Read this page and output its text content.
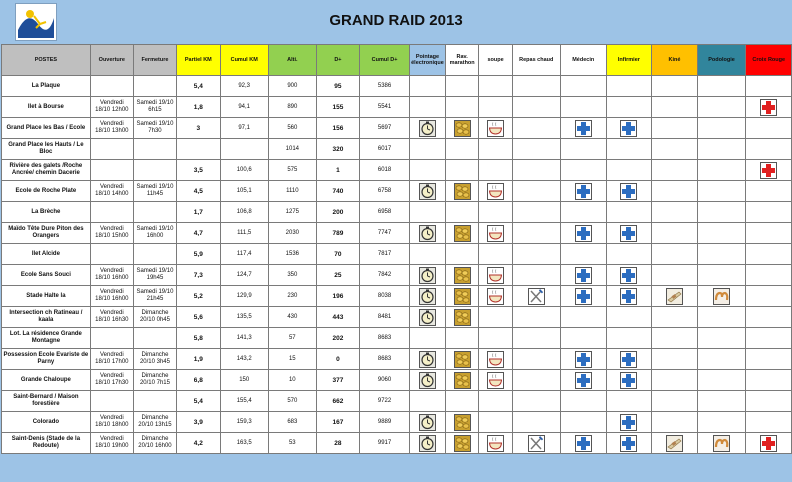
GRAND RAID 2013
POSTES	Ouverture	Fermeture	Partiel KM	Cumul KM	Alti.	D+	Cumul D+	Pointage électronique	Rav. marathon	soupe	Repas chaud	Médecin	Infirmier	Kiné	Podologie	Croix Rouge
La Plaque			5,4	92,3	900	95	5386									
Ilet à Bourse	Vendredi 18/10 12h00	Samedi 19/10 6h15	1,8	94,1	890	155	5541									
Grand Place les Bas / Ecole	Vendredi 18/10 13h00	Samedi 19/10 7h30	3	97,1	560	156	5697									
Grand Place les Hauts / Le Bloc					1014	320	6017									
Rivière des galets /Roche Ancrée/ chemin Dacerie			3,5	100,6	575	1	6018									
Ecole de Roche Plate	Vendredi 18/10 14h00	Samedi 19/10 11h45	4,5	105,1	1110	740	6758									
La Brèche			1,7	106,8	1275	200	6958									
Maïdo Tête Dure Piton des Orangers	Vendredi 18/10 15h00	Samedi 19/10 16h00	4,7	111,5	2030	789	7747									
Ilet Alcide			5,9	117,4	1536	70	7817									
Ecole Sans Souci	Vendredi 18/10 16h00	Samedi 19/10 19h45	7,3	124,7	350	25	7842									
Stade Halte la	Vendredi 18/10 16h00	Samedi 19/10 21h45	5,2	129,9	230	196	8038									
Intersection ch Ratineau / kaala	Vendredi 18/10 16h30	Dimanche 20/10 0h45	5,6	135,5	430	443	8481									
Lot. La résidence Grande Montagne			5,8	141,3	57	202	8683									
Possession Ecole Evariste de Parny	Vendredi 18/10 17h00	Dimanche 20/10 3h45	1,9	143,2	15	0	8683									
Grande Chaloupe	Vendredi 18/10 17h30	Dimanche 20/10 7h15	6,8	150	10	377	9060									
Saint-Bernard / Maison forestière			5,4	155,4	570	662	9722									
Colorado	Vendredi 18/10 18h00	Dimanche 20/10 13h15	3,9	159,3	683	167	9889									
Saint-Denis (Stade de la Redoute)	Vendredi 18/10 19h00	Dimanche 20/10 16h00	4,2	163,5	53	28	9917									
